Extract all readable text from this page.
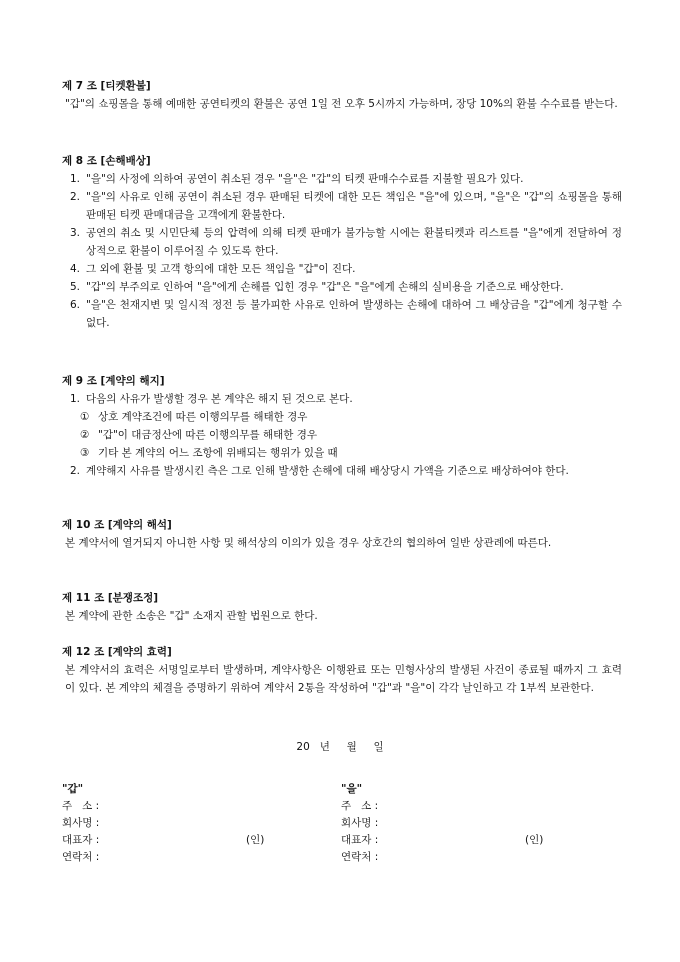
제 7 조 [티켓환불]
"갑"의 쇼핑몰을 통해 예매한 공연티켓의 환불은 공연 1일 전 오후 5시까지 가능하며, 장당 10%의 환불 수수료를 받는다.
제 8 조 [손해배상]
1. "을"의 사정에 의하여 공연이 취소된 경우 "을"은 "갑"의 티켓 판매수수료를 지불할 필요가 있다.
2. "을"의 사유로 인해 공연이 취소된 경우 판매된 티켓에 대한 모든 책임은 "을"에 있으며, "을"은 "갑"의 쇼핑몰을 통해 판매된 티켓 판매대금을 고객에게 환불한다.
3. 공연의 취소 및 시민단체 등의 압력에 의해 티켓 판매가 불가능할 시에는 환불티켓과 리스트를 "을"에게 전달하여 정상적으로 환불이 이루어질 수 있도록 한다.
4. 그 외에 환불 및 고객 항의에 대한 모든 책임을 "갑"이 진다.
5. "갑"의 부주의로 인하여 "을"에게 손해를 입힌 경우 "갑"은 "을"에게 손해의 실비용을 기준으로 배상한다.
6. "을"은 천재지변 및 일시적 정전 등 불가피한 사유로 인하여 발생하는 손해에 대하여 그 배상금을 "갑"에게 청구할 수 없다.
제 9 조 [계약의 해지]
1. 다음의 사유가 발생할 경우 본 계약은 해지 된 것으로 본다.
① 상호 계약조건에 따른 이행의무를 해태한 경우
② "갑"이 대금정산에 따른 이행의무를 해태한 경우
③ 기타 본 계약의 어느 조항에 위배되는 행위가 있을 때
2. 계약해지 사유를 발생시킨 측은 그로 인해 발생한 손해에 대해 배상당시 가액을 기준으로 배상하여야 한다.
제 10 조 [계약의 해석]
본 계약서에 열거되지 아니한 사항 및 해석상의 이의가 있을 경우 상호간의 협의하여 일반 상관례에 따른다.
제 11 조 [분쟁조정]
본 계약에 관한 소송은 "갑" 소재지 관할 법원으로 한다.
제 12 조 [계약의 효력]
본 계약서의 효력은 서명일로부터 발생하며, 계약사항은 이행완료 또는 민형사상의 발생된 사건이 종료될 때까지 그 효력이 있다. 본 계약의 체결을 증명하기 위하여 계약서 2통을 작성하여 "갑"과 "을"이 각각 날인하고 각 1부씩 보관한다.
20   년     월     일
"갑"
주   소 :
회사명 :
대표자 :	(인)
연락처 :
"을"
주   소 :
회사명 :
대표자 :	(인)
연락처 :
